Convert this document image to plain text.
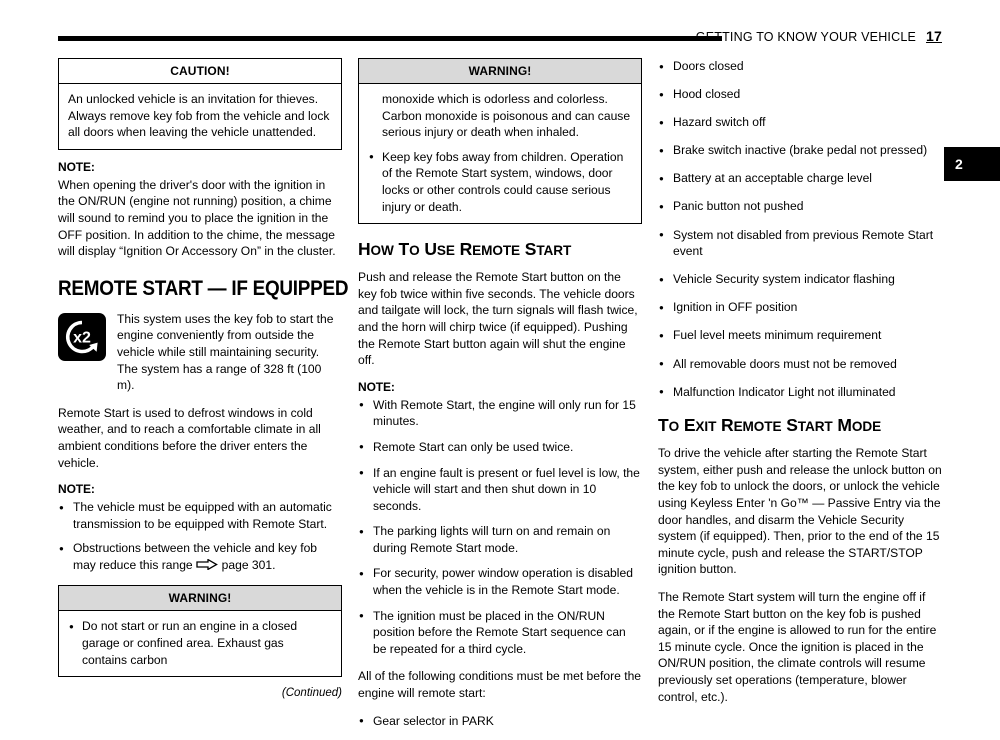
GETTING TO KNOW YOUR VEHICLE 17
2
CAUTION!

An unlocked vehicle is an invitation for thieves. Always remove key fob from the vehicle and lock all doors when leaving the vehicle unattended.

NOTE:

When opening the driver's door with the ignition in the ON/RUN (engine not running) position, a chime will sound to remind you to place the ignition in the OFF position. In addition to the chime, the message will display “Ignition Or Accessory On” in the cluster.

REMOTE START — IF EQUIPPED
x2
This system uses the key fob to start the engine conveniently from outside the vehicle while still maintaining security. The system has a range of 328 ft (100 m).

Remote Start is used to defrost windows in cold weather, and to reach a comfortable climate in all ambient conditions before the driver enters the vehicle.

NOTE:
● The vehicle must be equipped with an automatic transmission to be equipped with Remote Start.
● Obstructions between the vehicle and key fob may reduce this range page 301.
WARNING!
● Do not start or run an engine in a closed garage or confined area. Exhaust gas contains carbon
(Continued)
WARNING!

monoxide which is odorless and colorless. Carbon monoxide is poisonous and can cause serious injury or death when inhaled.

● Keep key fobs away from children. Operation of the Remote Start system, windows, door locks or other controls could cause serious injury or death.
HOW TO USE REMOTE START

Push and release the Remote Start button on the key fob twice within five seconds. The vehicle doors and tailgate will lock, the turn signals will flash twice, and the horn will chirp twice (if equipped). Pushing the Remote Start button again will shut the engine off.

NOTE:
● With Remote Start, the engine will only run for 15 minutes.
● Remote Start can only be used twice.
● If an engine fault is present or fuel level is low, the vehicle will start and then shut down in 10 seconds.
● The parking lights will turn on and remain on during Remote Start mode.
● For security, power window operation is disabled when the vehicle is in the Remote Start mode.
● The ignition must be placed in the ON/RUN position before the Remote Start sequence can be repeated for a third cycle.

All of the following conditions must be met before the engine will remote start:

● Gear selector in PARK
● Doors closed
● Hood closed
● Hazard switch off
● Brake switch inactive (brake pedal not pressed)
● Battery at an acceptable charge level
● Panic button not pushed
● System not disabled from previous Remote Start event
● Vehicle Security system indicator flashing
● Ignition in OFF position
● Fuel level meets minimum requirement
● All removable doors must not be removed
● Malfunction Indicator Light not illuminated
TO EXIT REMOTE START MODE

To drive the vehicle after starting the Remote Start system, either push and release the unlock button on the key fob to unlock the doors, or unlock the vehicle using Keyless Enter 'n Go™ — Passive Entry via the door handles, and disarm the Vehicle Security system (if equipped). Then, prior to the end of the 15 minute cycle, push and release the START/STOP ignition button.

The Remote Start system will turn the engine off if the Remote Start button on the key fob is pushed again, or if the engine is allowed to run for the entire 15 minute cycle. Once the ignition is placed in the ON/RUN position, the climate controls will resume previously set operations (temperature, blower control, etc.).
